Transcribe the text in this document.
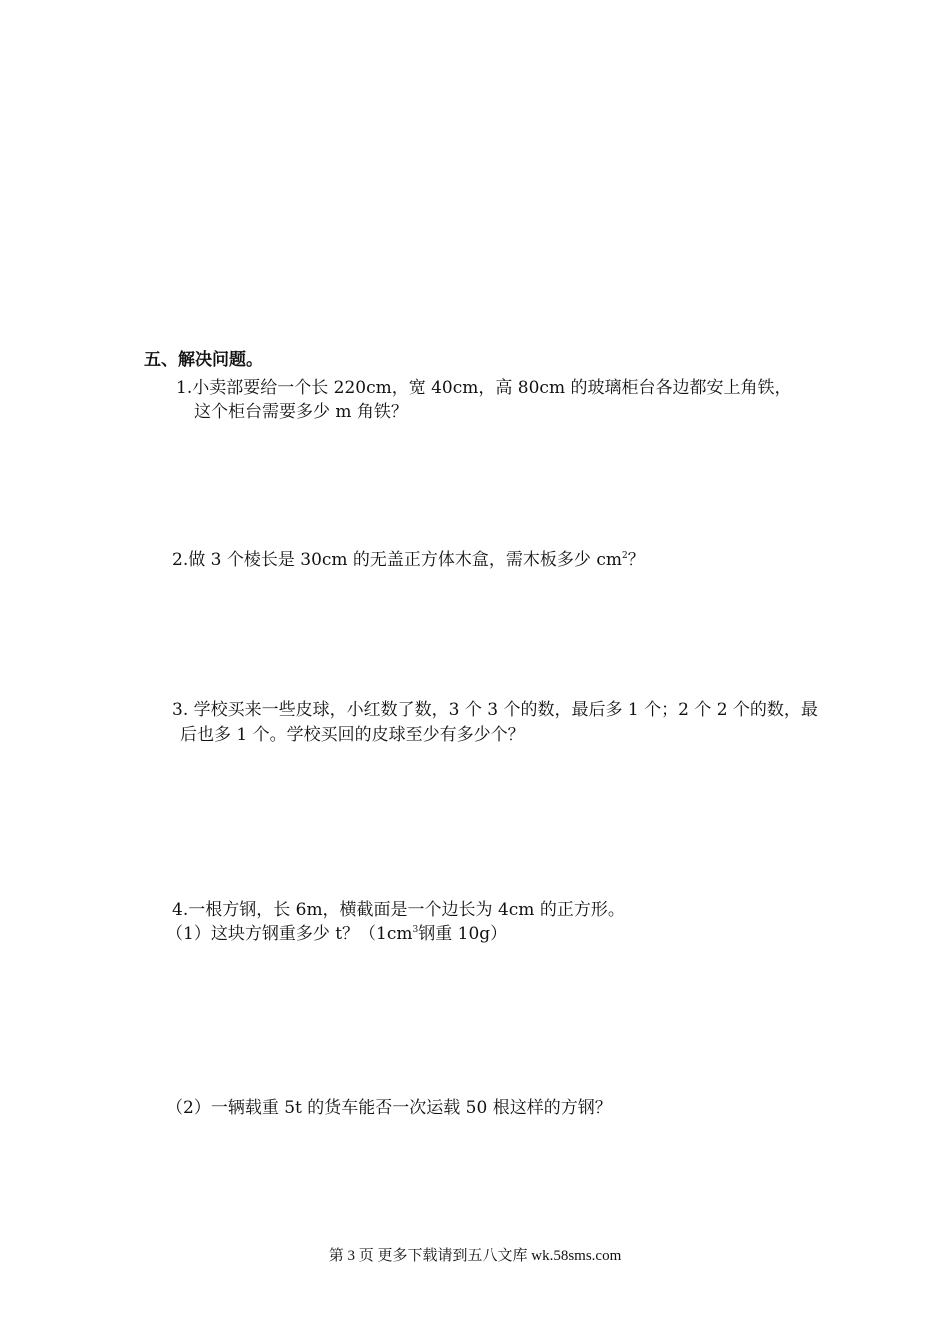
五、解决问题。
1.小卖部要给一个长 220cm，宽 40cm，高 80cm 的玻璃柜台各边都安上角铁，
这个柜台需要多少 m 角铁？
2.做 3 个棱长是 30cm 的无盖正方体木盒，需木板多少 $cm^2$？
3. 学校买来一些皮球，小红数了数，3 个 3 个的数，最后多 1 个；2 个 2 个的数，最
后也多 1 个。学校买回的皮球至少有多少个？
4.一根方钢，长 6m，横截面是一个边长为 4cm 的正方形。
（1）这块方钢重多少 t？（$1cm^3$钢重 10g）
（2）一辆载重 5t 的货车能否一次运载 50 根这样的方钢？
第 3 页 更多下载请到五八文库 wk.58sms.com
